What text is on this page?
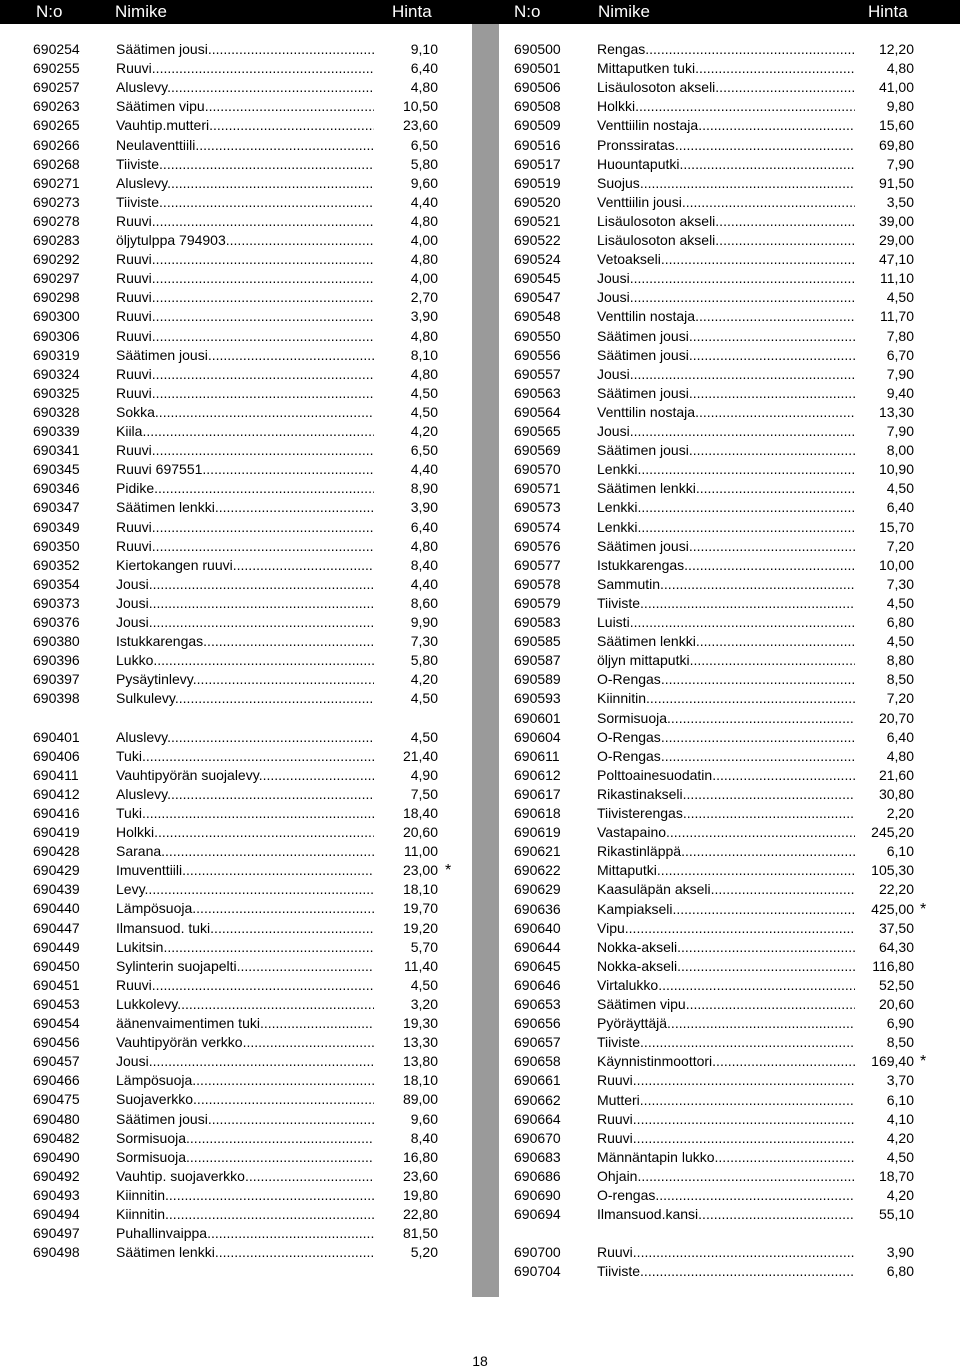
N:o	Nimike	Hinta	N:o	Nimike	Hinta
690254	Säätimen jousi .....	9,10
690255	Ruuvi .....	6,40
690257	Aluslevy .....	4,80
690263	Säätimen vipu .....	10,50
690265	Vauhtip.mutteri .....	23,60
690266	Neulaventtiili .....	6,50
690268	Tiiviste .....	5,80
690271	Aluslevy .....	9,60
690273	Tiiviste .....	4,40
690278	Ruuvi .....	4,80
690283	öljytulppa 794903 .....	4,00
690292	Ruuvi .....	4,80
690297	Ruuvi .....	4,00
690298	Ruuvi .....	2,70
690300	Ruuvi .....	3,90
690306	Ruuvi .....	4,80
690319	Säätimen jousi .....	8,10
690324	Ruuvi .....	4,80
690325	Ruuvi .....	4,50
690328	Sokka .....	4,50
690339	Kiila .....	4,20
690341	Ruuvi .....	6,50
690345	Ruuvi 697551 .....	4,40
690346	Pidike .....	8,90
690347	Säätimen lenkki .....	3,90
690349	Ruuvi .....	6,40
690350	Ruuvi .....	4,80
690352	Kiertokangen ruuvi .....	8,40
690354	Jousi .....	4,40
690373	Jousi .....	8,60
690376	Jousi .....	9,90
690380	Istukkarengas .....	7,30
690396	Lukko .....	5,80
690397	Pysäytinlevy .....	4,20
690398	Sulkulevy .....	4,50
690401	Aluslevy .....	4,50
690406	Tuki .....	21,40
690411	Vauhtipyörän suojalevy .....	4,90
690412	Aluslevy .....	7,50
690416	Tuki .....	18,40
690419	Holkki .....	20,60
690428	Sarana .....	11,00
690429	Imuventtiili .....	23,00 *
690439	Levy .....	18,10
690440	Lämpösuoja .....	19,70
690447	Ilmansuod. tuki .....	19,20
690449	Lukitsin .....	5,70
690450	Sylinterin suojapelti .....	11,40
690451	Ruuvi .....	4,50
690453	Lukkolevy .....	3,20
690454	äänenvaimentimen tuki .....	19,30
690456	Vauhtipyörän verkko .....	13,30
690457	Jousi .....	13,80
690466	Lämpösuoja .....	18,10
690475	Suojaverkko .....	89,00
690480	Säätimen jousi .....	9,60
690482	Sormisuoja .....	8,40
690490	Sormisuoja .....	16,80
690492	Vauhtip. suojaverkko .....	23,60
690493	Kiinnitin .....	19,80
690494	Kiinnitin .....	22,80
690497	Puhallinvaippa .....	81,50
690498	Säätimen lenkki .....	5,20
690500	Rengas .....	12,20
690501	Mittaputken tuki .....	4,80
690506	Lisäulosoton akseli .....	41,00
690508	Holkki .....	9,80
690509	Venttiilin nostaja .....	15,60
690516	Pronssiratas .....	69,80
690517	Huountaputki .....	7,90
690519	Suojus .....	91,50
690520	Venttiilin jousi .....	3,50
690521	Lisäulosoton akseli .....	39,00
690522	Lisäulosoton akseli .....	29,00
690524	Vetoakseli .....	47,10
690545	Jousi .....	11,10
690547	Jousi .....	4,50
690548	Venttilin nostaja .....	11,70
690550	Säätimen jousi .....	7,80
690556	Säätimen jousi .....	6,70
690557	Jousi .....	7,90
690563	Säätimen jousi .....	9,40
690564	Venttilin nostaja .....	13,30
690565	Jousi .....	7,90
690569	Säätimen jousi .....	8,00
690570	Lenkki .....	10,90
690571	Säätimen lenkki .....	4,50
690573	Lenkki .....	6,40
690574	Lenkki .....	15,70
690576	Säätimen jousi .....	7,20
690577	Istukkarengas .....	10,00
690578	Sammutin .....	7,30
690579	Tiiviste .....	4,50
690583	Luisti .....	6,80
690585	Säätimen lenkki .....	4,50
690587	öljyn mittaputki .....	8,80
690589	O-Rengas .....	8,50
690593	Kiinnitin .....	7,20
690601	Sormisuoja .....	20,70
690604	O-Rengas .....	6,40
690611	O-Rengas .....	4,80
690612	Polttoainesuodatin .....	21,60
690617	Rikastinakseli .....	30,80
690618	Tiivisterengas .....	2,20
690619	Vastapaino .....	245,20
690621	Rikastinläppä .....	6,10
690622	Mittaputki .....	105,30
690629	Kaasuläpän akseli .....	22,20
690636	Kampiakseli .....	425,00 *
690640	Vipu .....	37,50
690644	Nokka-akseli .....	64,30
690645	Nokka-akseli .....	116,80
690646	Virtalukko .....	52,50
690653	Säätimen vipu .....	20,60
690656	Pyöräyttäjä .....	6,90
690657	Tiiviste .....	8,50
690658	Käynnistinmoottori .....	169,40 *
690661	Ruuvi .....	3,70
690662	Mutteri .....	6,10
690664	Ruuvi .....	4,10
690670	Ruuvi .....	4,20
690683	Männäntapin lukko .....	4,50
690686	Ohjain .....	18,70
690690	O-rengas .....	4,20
690694	Ilmansuod.kansi .....	55,10
690700	Ruuvi .....	3,90
690704	Tiiviste .....	6,80
18
